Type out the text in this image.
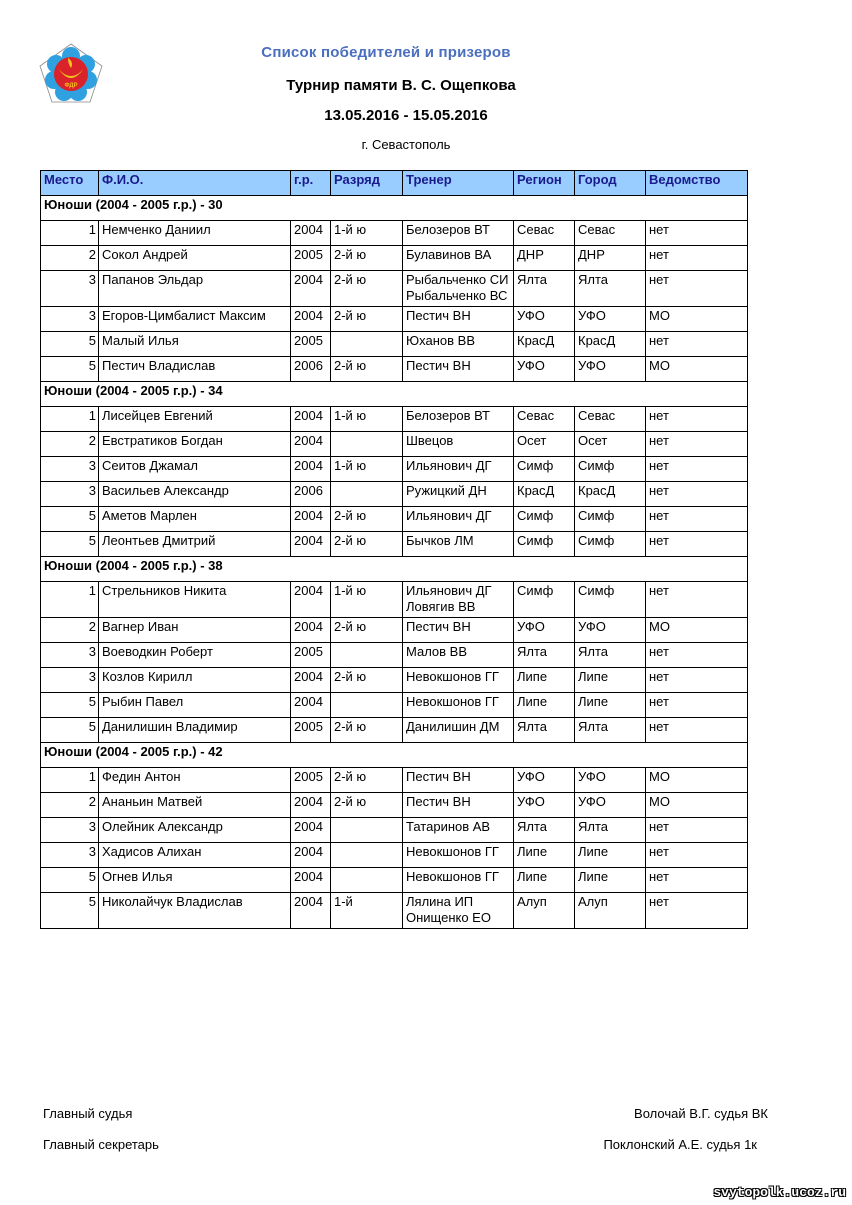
ФДР
Список победителей и призеров
Турнир памяти В. С. Ощепкова
13.05.2016 - 15.05.2016
г. Севастополь
Место	Ф.И.О.	г.р.	Разряд	Тренер	Регион	Город	Ведомство
Юноши (2004 - 2005 г.р.) - 30							
1	Немченко Даниил	2004	1-й ю	Белозеров ВТ	Севас	Севас	нет
2	Сокол Андрей	2005	2-й ю	Булавинов ВА	ДНР	ДНР	нет
3	Папанов Эльдар	2004	2-й ю	Рыбальченко СИ Рыбальченко ВС	Ялта	Ялта	нет
3	Егоров-Цимбалист Максим	2004	2-й ю	Пестич ВН	УФО	УФО	МО
5	Малый Илья	2005		Юханов ВВ	КрасД	КрасД	нет
5	Пестич Владислав	2006	2-й ю	Пестич ВН	УФО	УФО	МО
Юноши (2004 - 2005 г.р.) - 34							
1	Лисейцев Евгений	2004	1-й ю	Белозеров ВТ	Севас	Севас	нет
2	Евстратиков Богдан	2004		Швецов	Осет	Осет	нет
3	Сеитов Джамал	2004	1-й ю	Ильянович ДГ	Симф	Симф	нет
3	Васильев Александр	2006		Ружицкий ДН	КрасД	КрасД	нет
5	Аметов Марлен	2004	2-й ю	Ильянович ДГ	Симф	Симф	нет
5	Леонтьев Дмитрий	2004	2-й ю	Бычков ЛМ	Симф	Симф	нет
Юноши (2004 - 2005 г.р.) - 38							
1	Стрельников Никита	2004	1-й ю	Ильянович ДГ Ловягив ВВ	Симф	Симф	нет
2	Вагнер Иван	2004	2-й ю	Пестич ВН	УФО	УФО	МО
3	Воеводкин Роберт	2005		Малов ВВ	Ялта	Ялта	нет
3	Козлов Кирилл	2004	2-й ю	Невокшонов ГГ	Липе	Липе	нет
5	Рыбин Павел	2004		Невокшонов ГГ	Липе	Липе	нет
5	Данилишин Владимир	2005	2-й ю	Данилишин ДМ	Ялта	Ялта	нет
Юноши (2004 - 2005 г.р.) - 42							
1	Федин Антон	2005	2-й ю	Пестич ВН	УФО	УФО	МО
2	Ананьин Матвей	2004	2-й ю	Пестич ВН	УФО	УФО	МО
3	Олейник Александр	2004		Татаринов АВ	Ялта	Ялта	нет
3	Хадисов Алихан	2004		Невокшонов ГГ	Липе	Липе	нет
5	Огнев Илья	2004		Невокшонов ГГ	Липе	Липе	нет
5	Николайчук Владислав	2004	1-й	Лялина ИП Онищенко ЕО	Алуп	Алуп	нет
Главный судья
Главный секретарь
Волочай В.Г. судья ВК
Поклонский А.Е. судья 1к
svytopolk.ucoz.ru
